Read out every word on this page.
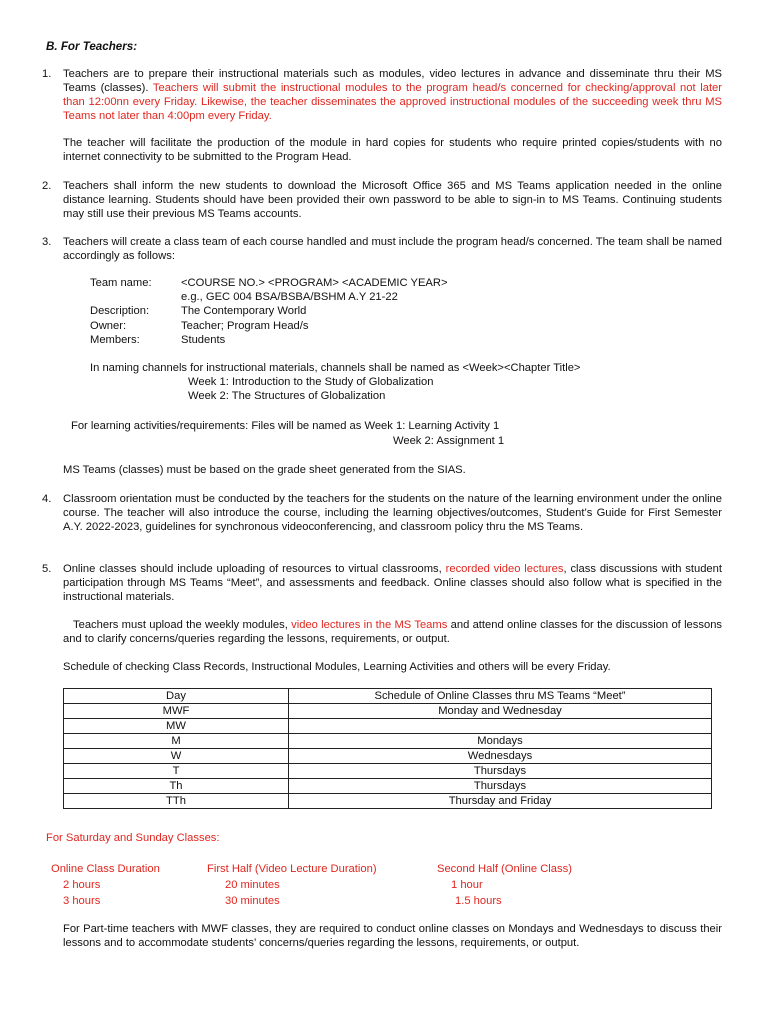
B. For Teachers:
1.	Teachers are to prepare their instructional materials such as modules, video lectures in advance and disseminate thru their MS Teams (classes). Teachers will submit the instructional modules to the program head/s concerned for checking/approval not later than 12:00nn every Friday. Likewise, the teacher disseminates the approved instructional modules of the succeeding week thru MS Teams not later than 4:00pm every Friday.
The teacher will facilitate the production of the module in hard copies for students who require printed copies/students with no internet connectivity to be submitted to the Program Head.
2.	Teachers shall inform the new students to download the Microsoft Office 365 and MS Teams application needed in the online distance learning. Students should have been provided their own password to be able to sign-in to MS Teams. Continuing students may still use their previous MS Teams accounts.
3.	Teachers will create a class team of each course handled and must include the program head/s concerned. The team shall be named accordingly as follows:
Team name:	<COURSE NO.> <PROGRAM> <ACADEMIC YEAR>
e.g., GEC 004 BSA/BSBA/BSHM A.Y 21-22
Description:	The Contemporary World
Owner:	Teacher; Program Head/s
Members:	Students
In naming channels for instructional materials, channels shall be named as <Week><Chapter Title>
Week 1: Introduction to the Study of Globalization
Week 2: The Structures of Globalization
For learning activities/requirements: Files will be named as Week 1: Learning Activity 1
Week 2: Assignment 1
MS Teams (classes) must be based on the grade sheet generated from the SIAS.
4.	Classroom orientation must be conducted by the teachers for the students on the nature of the learning environment under the online course. The teacher will also introduce the course, including the learning objectives/outcomes, Student’s Guide for First Semester A.Y. 2022-2023, guidelines for synchronous videoconferencing, and classroom policy thru the MS Teams.
5.	Online classes should include uploading of resources to virtual classrooms, recorded video lectures, class discussions with student participation through MS Teams “Meet”, and assessments and feedback. Online classes should also follow what is specified in the instructional materials.
Teachers must upload the weekly modules, video lectures in the MS Teams and attend online classes for the discussion of lessons and to clarify concerns/queries regarding the lessons, requirements, or output.
Schedule of checking Class Records, Instructional Modules, Learning Activities and others will be every Friday.
Day	Schedule of Online Classes thru MS Teams “Meet”
MWF	Monday and Wednesday
MW	
M	Mondays
W	Wednesdays
T	Thursdays
Th	Thursdays
TTh	Thursday and Friday
For Saturday and Sunday Classes:
Online Class Duration	First Half (Video Lecture Duration)	Second Half (Online Class)
2 hours	20 minutes	1 hour
3 hours	30 minutes	1.5 hours
For Part-time teachers with MWF classes, they are required to conduct online classes on Mondays and Wednesdays to discuss their lessons and to accommodate students’ concerns/queries regarding the lessons, requirements, or output.
